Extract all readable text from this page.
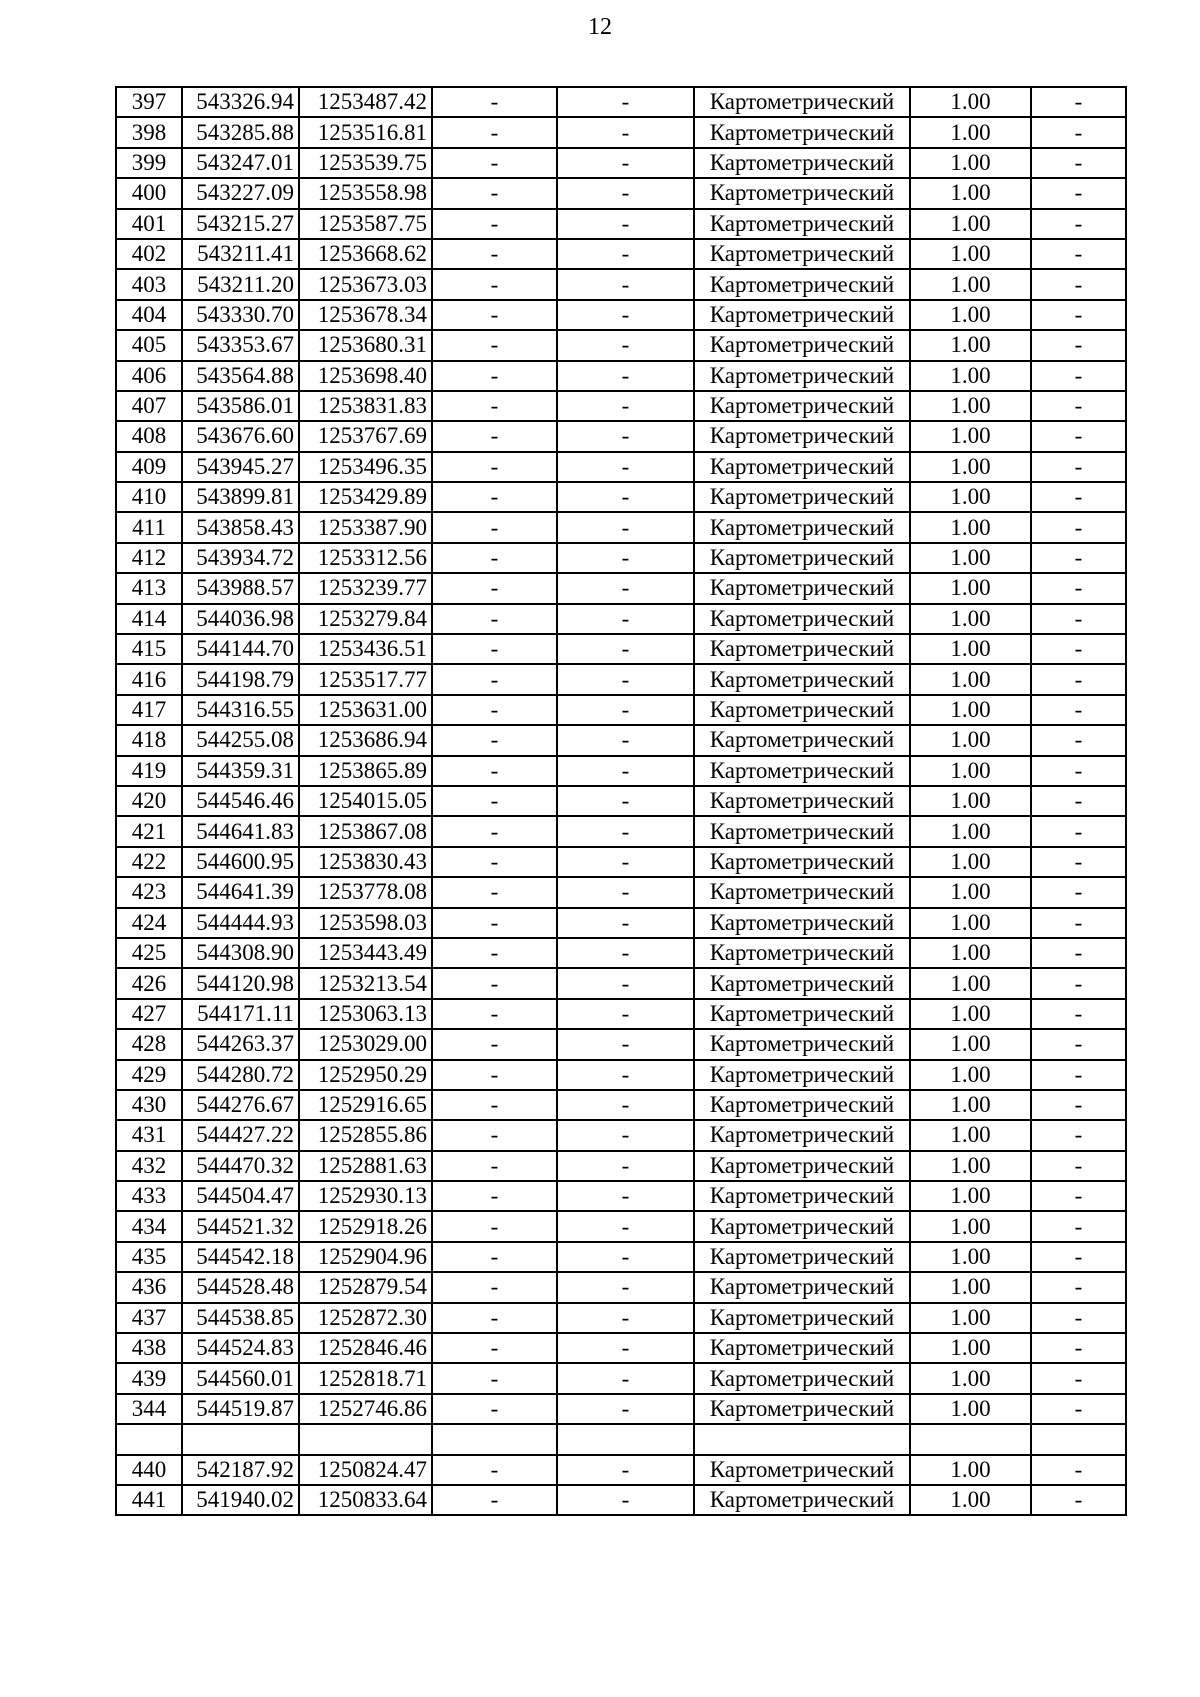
12
397	543326.94	1253487.42	-	-	Картометрический	1.00	-
398	543285.88	1253516.81	-	-	Картометрический	1.00	-
399	543247.01	1253539.75	-	-	Картометрический	1.00	-
400	543227.09	1253558.98	-	-	Картометрический	1.00	-
401	543215.27	1253587.75	-	-	Картометрический	1.00	-
402	543211.41	1253668.62	-	-	Картометрический	1.00	-
403	543211.20	1253673.03	-	-	Картометрический	1.00	-
404	543330.70	1253678.34	-	-	Картометрический	1.00	-
405	543353.67	1253680.31	-	-	Картометрический	1.00	-
406	543564.88	1253698.40	-	-	Картометрический	1.00	-
407	543586.01	1253831.83	-	-	Картометрический	1.00	-
408	543676.60	1253767.69	-	-	Картометрический	1.00	-
409	543945.27	1253496.35	-	-	Картометрический	1.00	-
410	543899.81	1253429.89	-	-	Картометрический	1.00	-
411	543858.43	1253387.90	-	-	Картометрический	1.00	-
412	543934.72	1253312.56	-	-	Картометрический	1.00	-
413	543988.57	1253239.77	-	-	Картометрический	1.00	-
414	544036.98	1253279.84	-	-	Картометрический	1.00	-
415	544144.70	1253436.51	-	-	Картометрический	1.00	-
416	544198.79	1253517.77	-	-	Картометрический	1.00	-
417	544316.55	1253631.00	-	-	Картометрический	1.00	-
418	544255.08	1253686.94	-	-	Картометрический	1.00	-
419	544359.31	1253865.89	-	-	Картометрический	1.00	-
420	544546.46	1254015.05	-	-	Картометрический	1.00	-
421	544641.83	1253867.08	-	-	Картометрический	1.00	-
422	544600.95	1253830.43	-	-	Картометрический	1.00	-
423	544641.39	1253778.08	-	-	Картометрический	1.00	-
424	544444.93	1253598.03	-	-	Картометрический	1.00	-
425	544308.90	1253443.49	-	-	Картометрический	1.00	-
426	544120.98	1253213.54	-	-	Картометрический	1.00	-
427	544171.11	1253063.13	-	-	Картометрический	1.00	-
428	544263.37	1253029.00	-	-	Картометрический	1.00	-
429	544280.72	1252950.29	-	-	Картометрический	1.00	-
430	544276.67	1252916.65	-	-	Картометрический	1.00	-
431	544427.22	1252855.86	-	-	Картометрический	1.00	-
432	544470.32	1252881.63	-	-	Картометрический	1.00	-
433	544504.47	1252930.13	-	-	Картометрический	1.00	-
434	544521.32	1252918.26	-	-	Картометрический	1.00	-
435	544542.18	1252904.96	-	-	Картометрический	1.00	-
436	544528.48	1252879.54	-	-	Картометрический	1.00	-
437	544538.85	1252872.30	-	-	Картометрический	1.00	-
438	544524.83	1252846.46	-	-	Картометрический	1.00	-
439	544560.01	1252818.71	-	-	Картометрический	1.00	-
344	544519.87	1252746.86	-	-	Картометрический	1.00	-

440	542187.92	1250824.47	-	-	Картометрический	1.00	-
441	541940.02	1250833.64	-	-	Картометрический	1.00	-
